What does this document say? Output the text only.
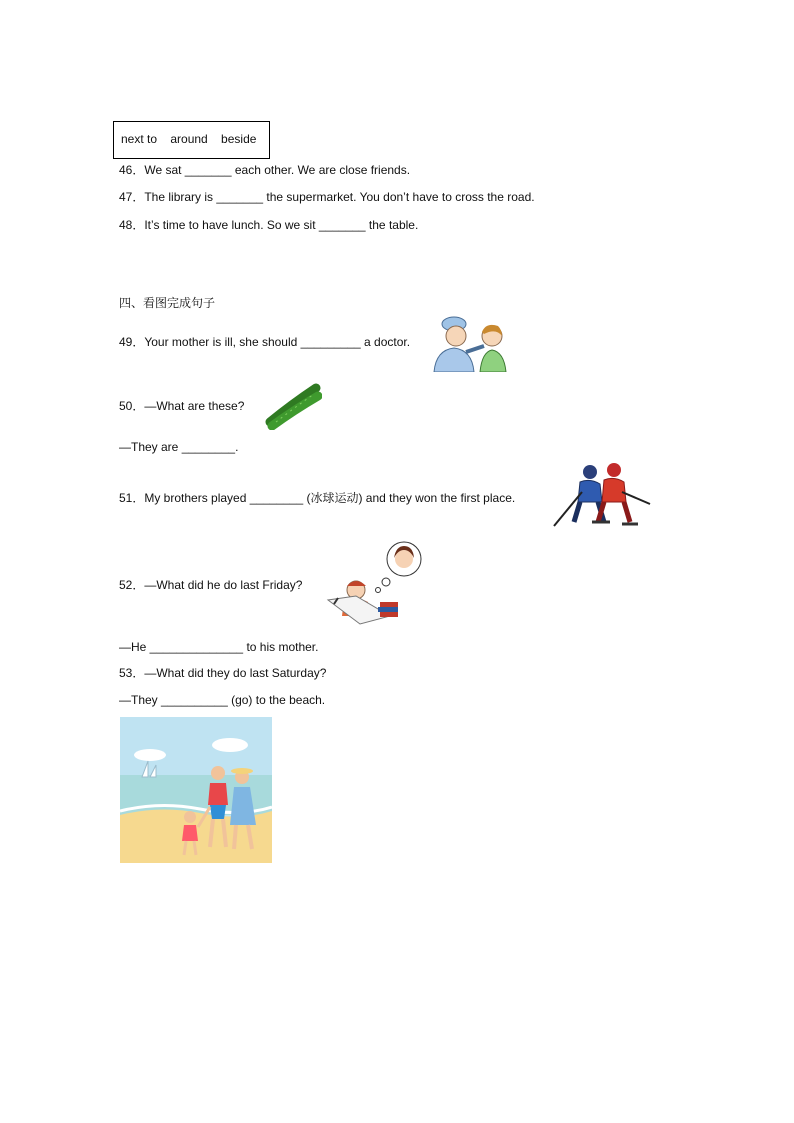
next to    around    beside
46．We sat _______ each other. We are close friends.
47．The library is _______ the supermarket. You don’t have to cross the road.
48．It’s time to have lunch. So we sit _______ the table.
四、看图完成句子
49．Your mother is ill, she should _________ a doctor.
50．—What are these?
—They are ________.
51．My brothers played ________ (冰球运动) and they won the first place.
52．—What did he do last Friday?
—He ______________ to his mother.
53．—What did they do last Saturday?
—They __________ (go) to the beach.
